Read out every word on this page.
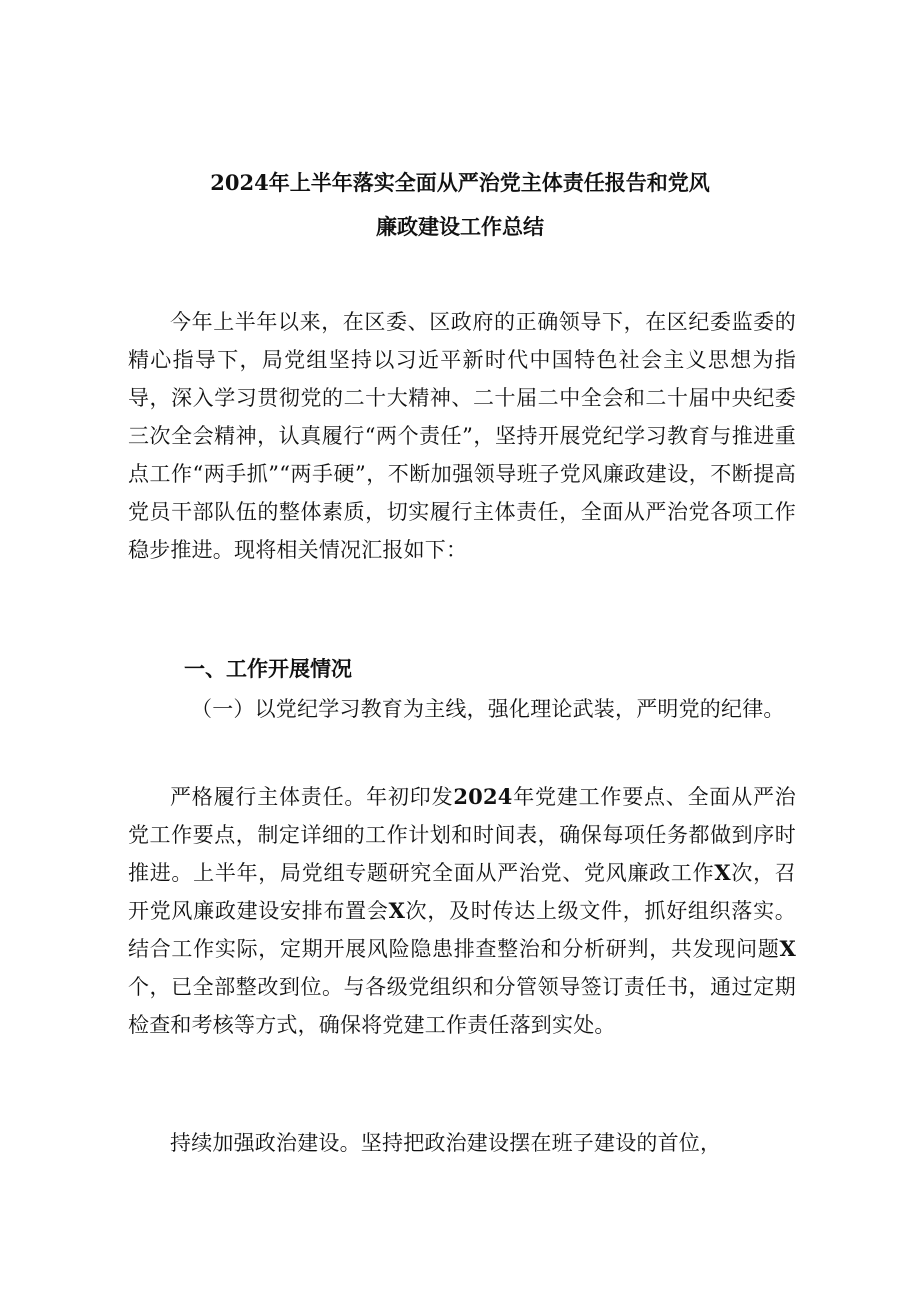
2024年上半年落实全面从严治党主体责任报告和党风
廉政建设工作总结

今年上半年以来，在区委、区政府的正确领导下，在区纪委监委的精心指导下，局党组坚持以习近平新时代中国特色社会主义思想为指导，深入学习贯彻党的二十大精神、二十届二中全会和二十届中央纪委三次全会精神，认真履行“两个责任”，坚持开展党纪学习教育与推进重点工作“两手抓”“两手硬”，不断加强领导班子党风廉政建设，不断提高党员干部队伍的整体素质，切实履行主体责任，全面从严治党各项工作稳步推进。现将相关情况汇报如下：

一、工作开展情况

（一）以党纪学习教育为主线，强化理论武装，严明党的纪律。

严格履行主体责任。年初印发2024年党建工作要点、全面从严治党工作要点，制定详细的工作计划和时间表，确保每项任务都做到序时推进。上半年，局党组专题研究全面从严治党、党风廉政工作X次，召开党风廉政建设安排布置会X次，及时传达上级文件，抓好组织落实。结合工作实际，定期开展风险隐患排查整治和分析研判，共发现问题X个，已全部整改到位。与各级党组织和分管领导签订责任书，通过定期检查和考核等方式，确保将党建工作责任落到实处。

持续加强政治建设。坚持把政治建设摆在班子建设的首位，
